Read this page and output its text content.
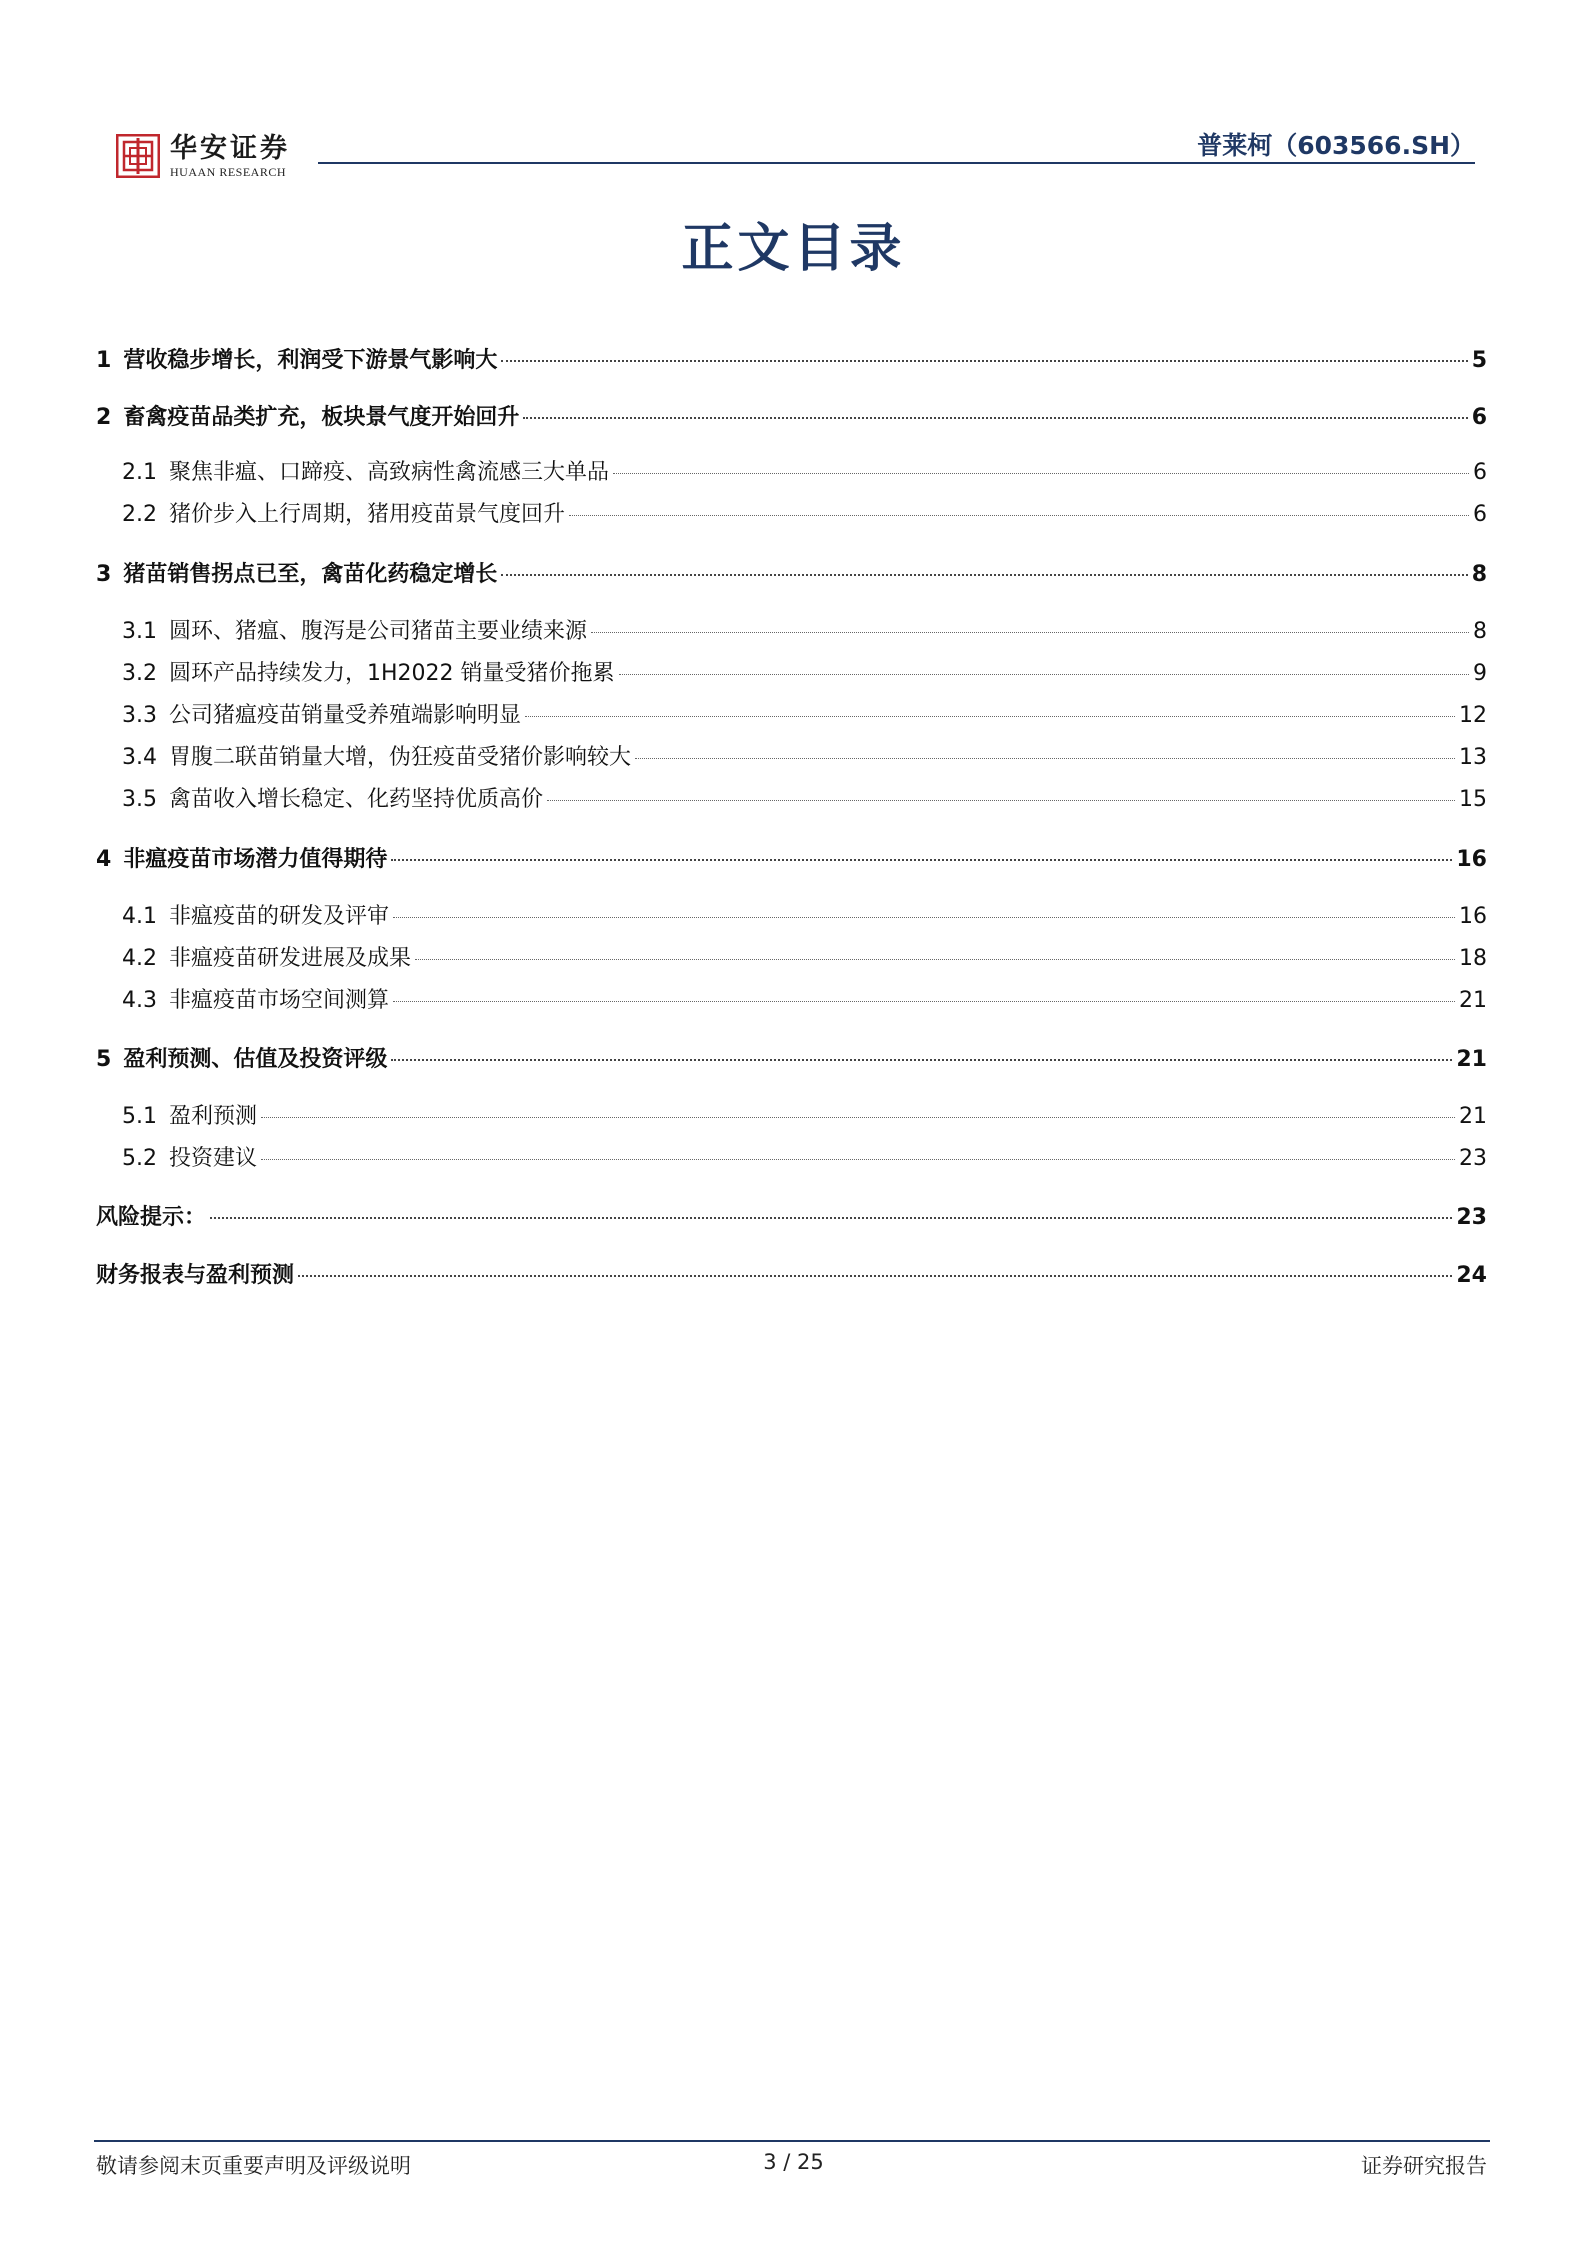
华安证券
HUAAN RESEARCH
普莱柯（603566.SH）
正文目录
1 营收稳步增长，利润受下游景气影响大	5
2 畜禽疫苗品类扩充，板块景气度开始回升	6
2.1 聚焦非瘟、口蹄疫、高致病性禽流感三大单品	6
2.2 猪价步入上行周期，猪用疫苗景气度回升	6
3 猪苗销售拐点已至，禽苗化药稳定增长	8
3.1 圆环、猪瘟、腹泻是公司猪苗主要业绩来源	8
3.2 圆环产品持续发力，1H2022 销量受猪价拖累	9
3.3 公司猪瘟疫苗销量受养殖端影响明显	12
3.4 胃腹二联苗销量大增，伪狂疫苗受猪价影响较大	13
3.5 禽苗收入增长稳定、化药坚持优质高价	15
4 非瘟疫苗市场潜力值得期待	16
4.1 非瘟疫苗的研发及评审	16
4.2 非瘟疫苗研发进展及成果	18
4.3 非瘟疫苗市场空间测算	21
5 盈利预测、估值及投资评级	21
5.1 盈利预测	21
5.2 投资建议	23
风险提示：	23
财务报表与盈利预测	24
敬请参阅末页重要声明及评级说明	3 / 25	证券研究报告
